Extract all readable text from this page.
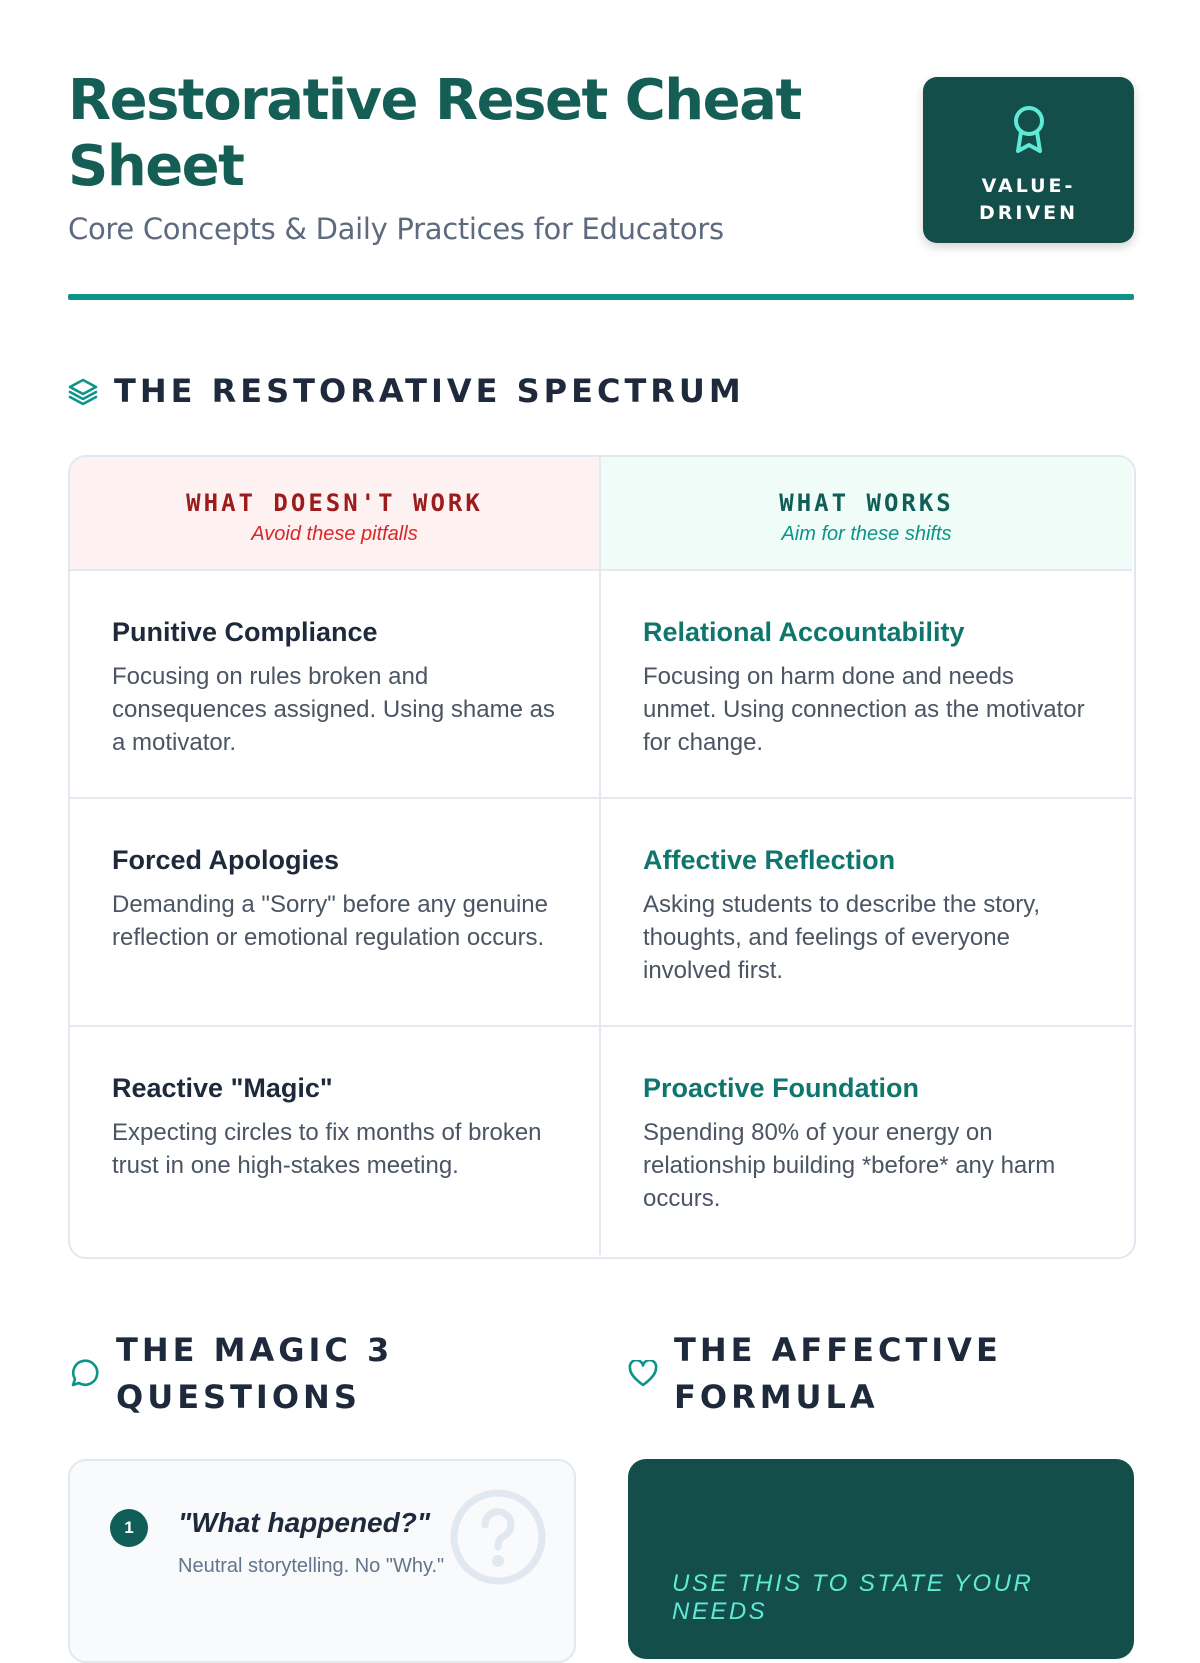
Restorative Reset Cheat Sheet

Core Concepts & Daily Practices for Educators

VALUE-DRIVEN
THE RESTORATIVE SPECTRUM
WHAT DOESN'T WORK
Avoid these pitfalls
WHAT WORKS
Aim for these shifts
Punitive Compliance
Focusing on rules broken and consequences assigned. Using shame as a motivator.
Relational Accountability
Focusing on harm done and needs unmet. Using connection as the motivator for change.
Forced Apologies
Demanding a "Sorry" before any genuine reflection or emotional regulation occurs.
Affective Reflection
Asking students to describe the story, thoughts, and feelings of everyone involved first.
Reactive "Magic"
Expecting circles to fix months of broken trust in one high-stakes meeting.
Proactive Foundation
Spending 80% of your energy on relationship building *before* any harm occurs.
THE MAGIC 3
QUESTIONS
1	"What happened?"
Neutral storytelling. No "Why."
THE AFFECTIVE
FORMULA
USE THIS TO STATE YOUR NEEDS
